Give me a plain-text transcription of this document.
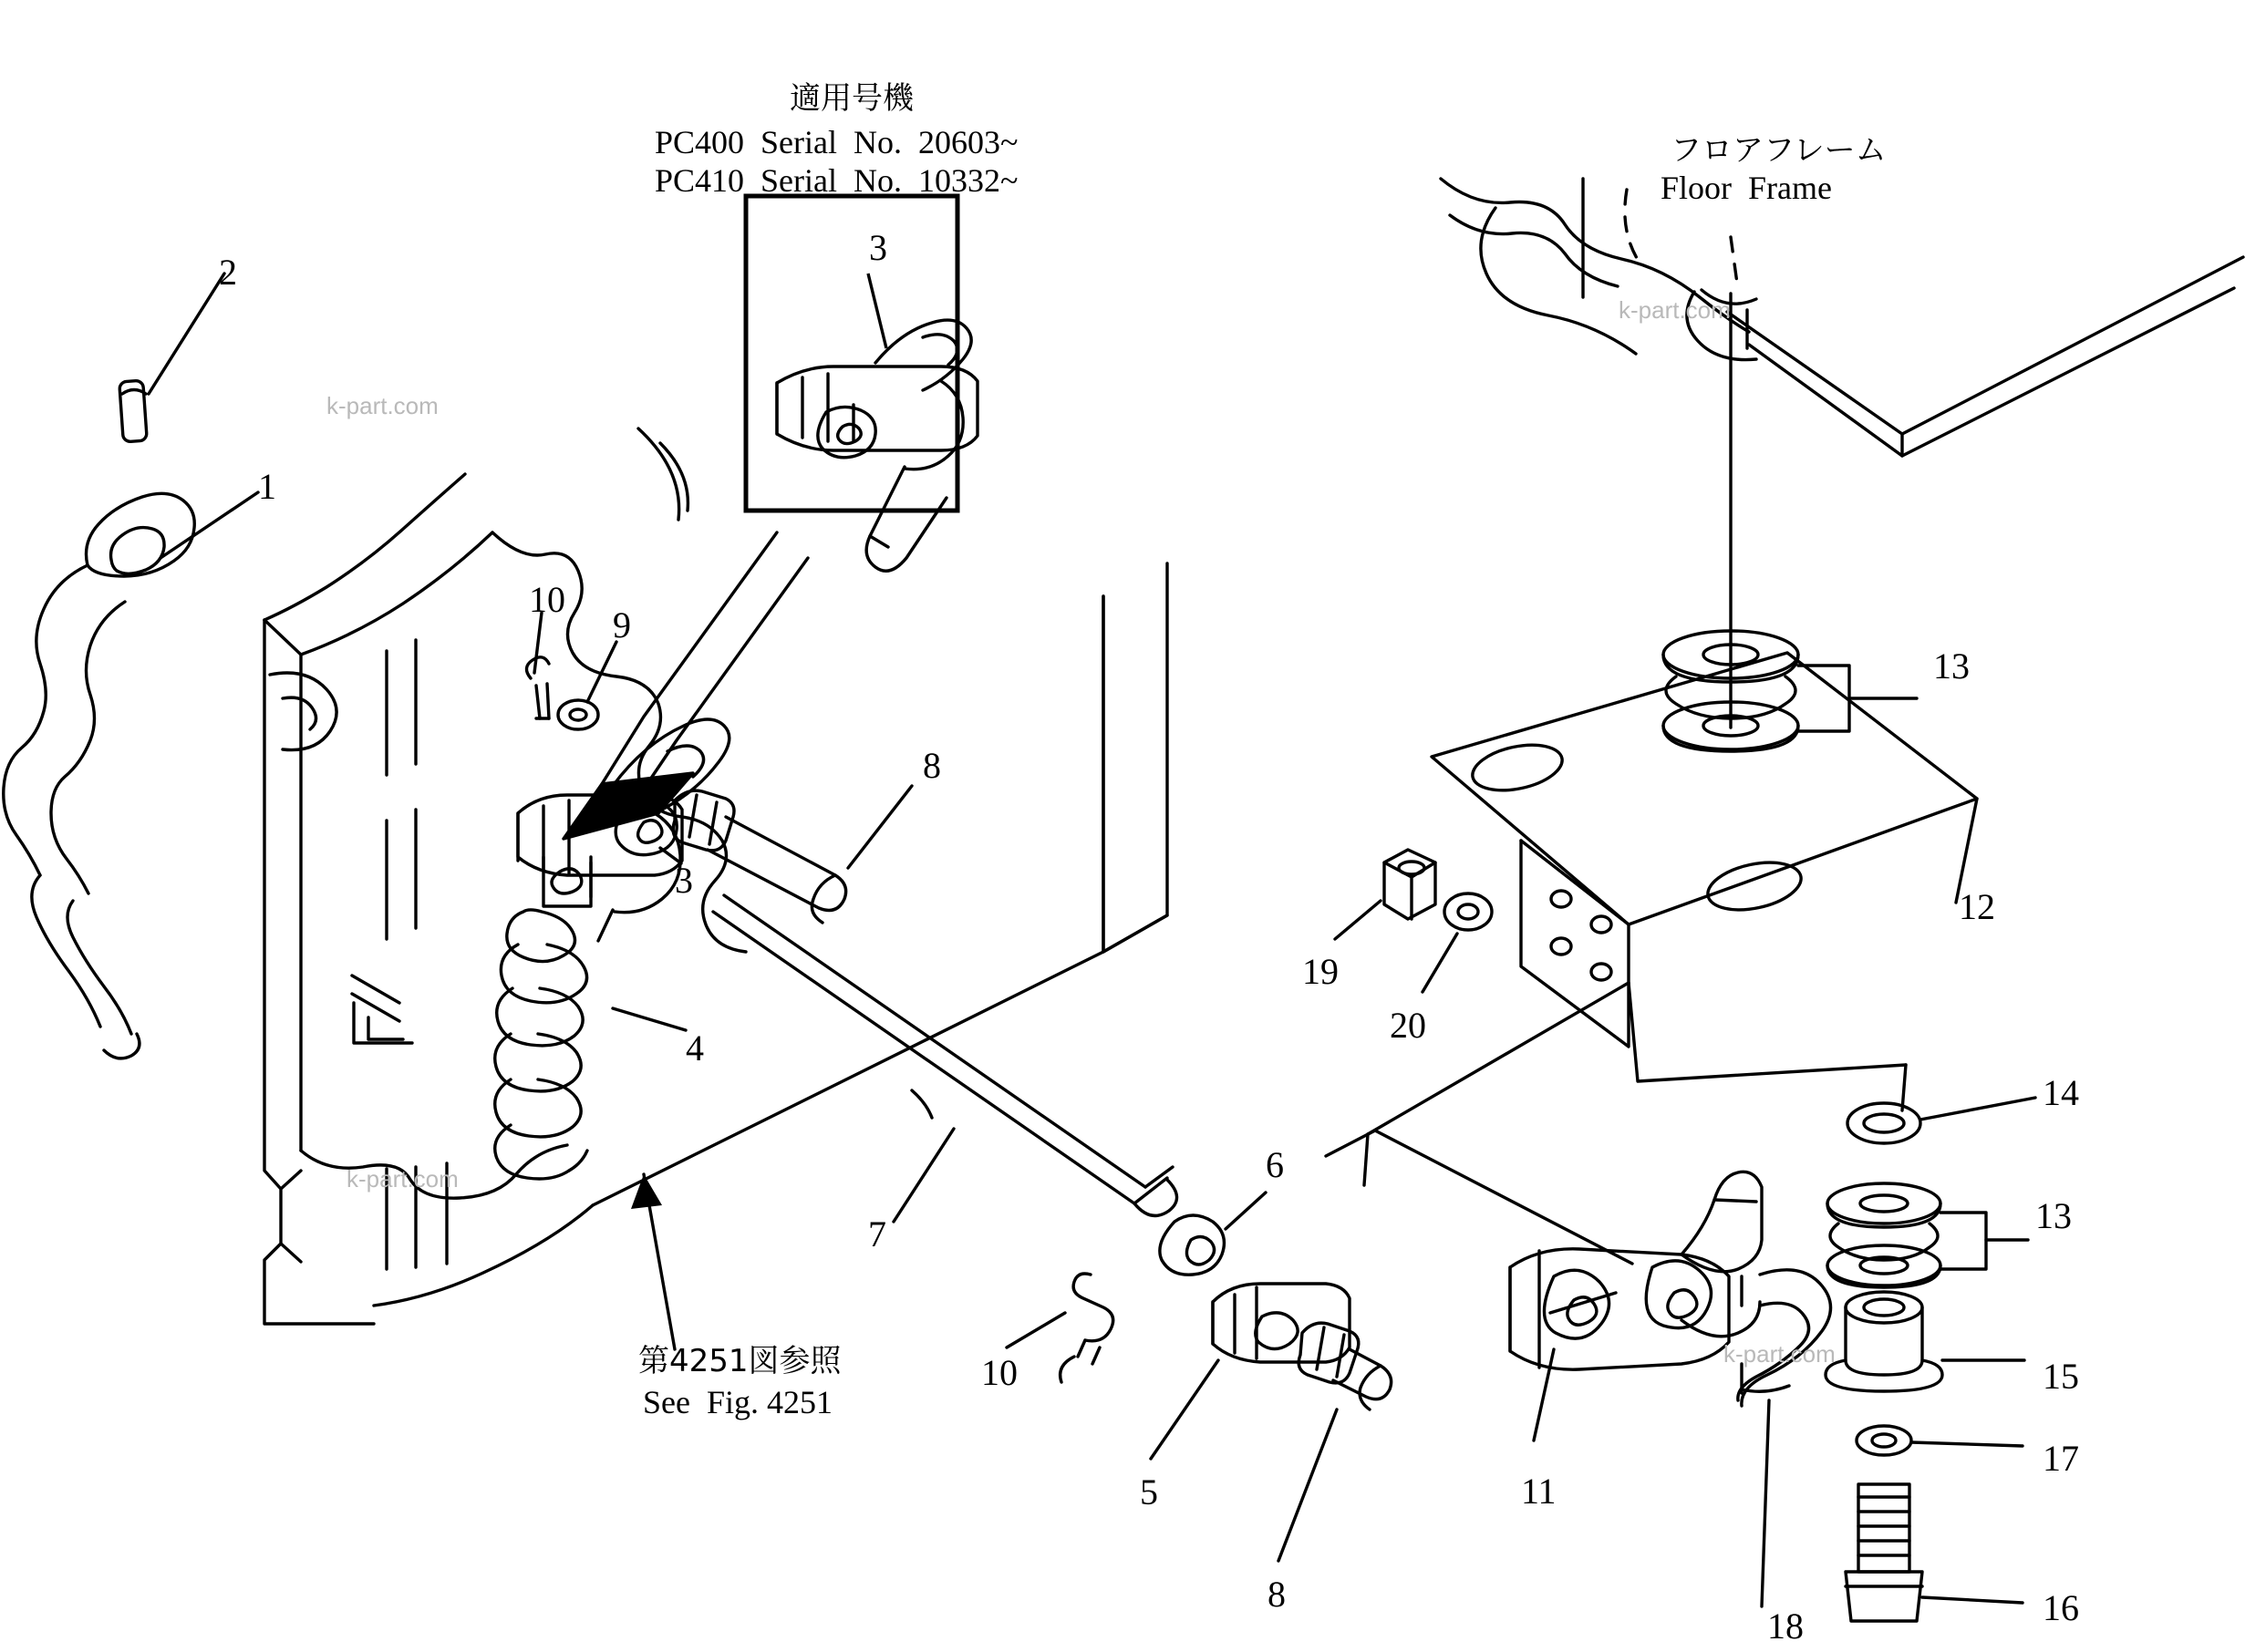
適用号機
PC400  Serial  No.  20603~
PC410  Serial  No.  10332~
フロアフレーム
Floor  Frame
第4251図参照
See  Fig. 4251
2
1
3
10
9
3
4
8
7
6
10
5
8
11
18
19
20
13
12
14
13
15
17
16
k-part.com
k-part.com
k-part.com
k-part.com
